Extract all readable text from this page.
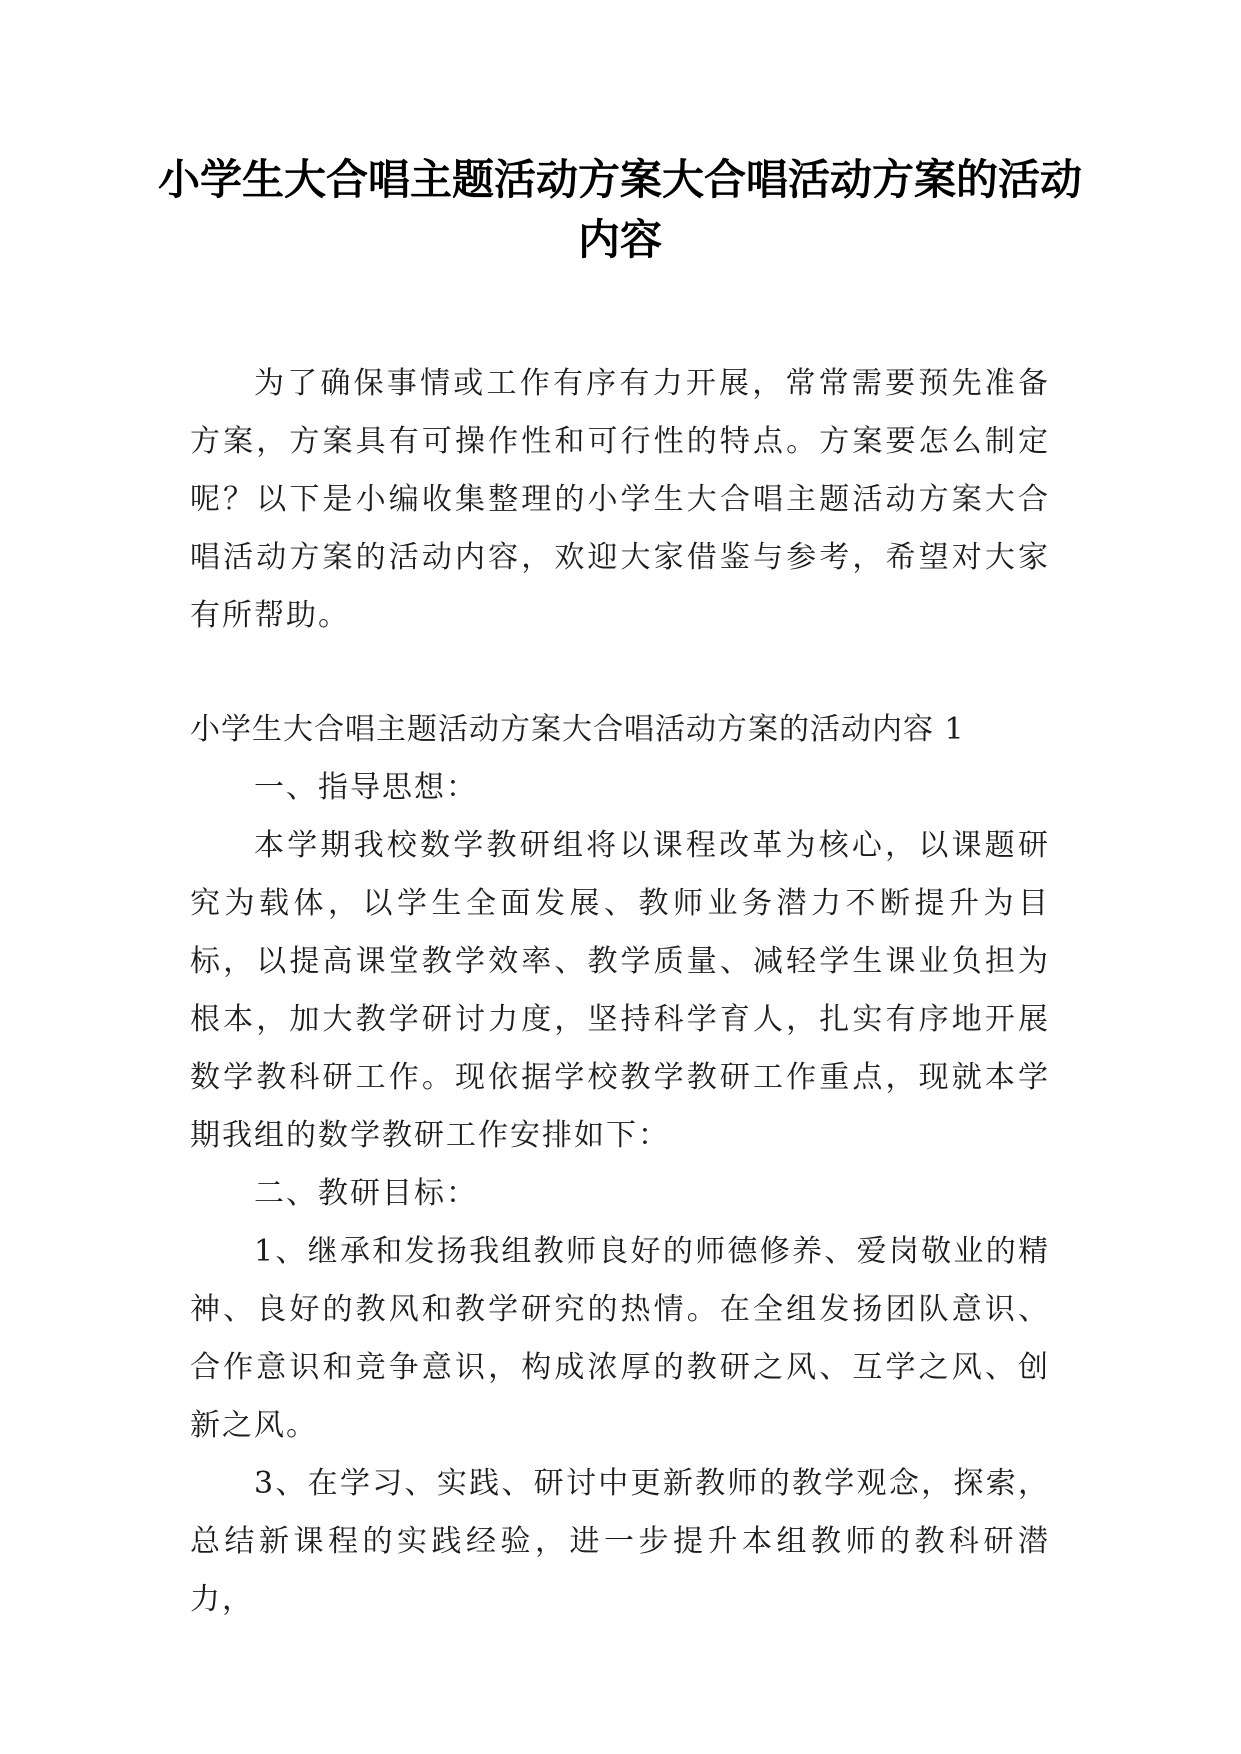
小学生大合唱主题活动方案大合唱活动方案的活动内容

为了确保事情或工作有序有力开展，常常需要预先准备方案，方案具有可操作性和可行性的特点。方案要怎么制定呢？以下是小编收集整理的小学生大合唱主题活动方案大合唱活动方案的活动内容，欢迎大家借鉴与参考，希望对大家有所帮助。

小学生大合唱主题活动方案大合唱活动方案的活动内容 1

一、指导思想：

本学期我校数学教研组将以课程改革为核心，以课题研究为载体，以学生全面发展、教师业务潜力不断提升为目标，以提高课堂教学效率、教学质量、减轻学生课业负担为根本，加大教学研讨力度，坚持科学育人，扎实有序地开展数学教科研工作。现依据学校教学教研工作重点，现就本学期我组的数学教研工作安排如下：

二、教研目标：

1、继承和发扬我组教师良好的师德修养、爱岗敬业的精神、良好的教风和教学研究的热情。在全组发扬团队意识、合作意识和竞争意识，构成浓厚的教研之风、互学之风、创新之风。

3、在学习、实践、研讨中更新教师的教学观念，探索，总结新课程的实践经验，进一步提升本组教师的教科研潜力，
